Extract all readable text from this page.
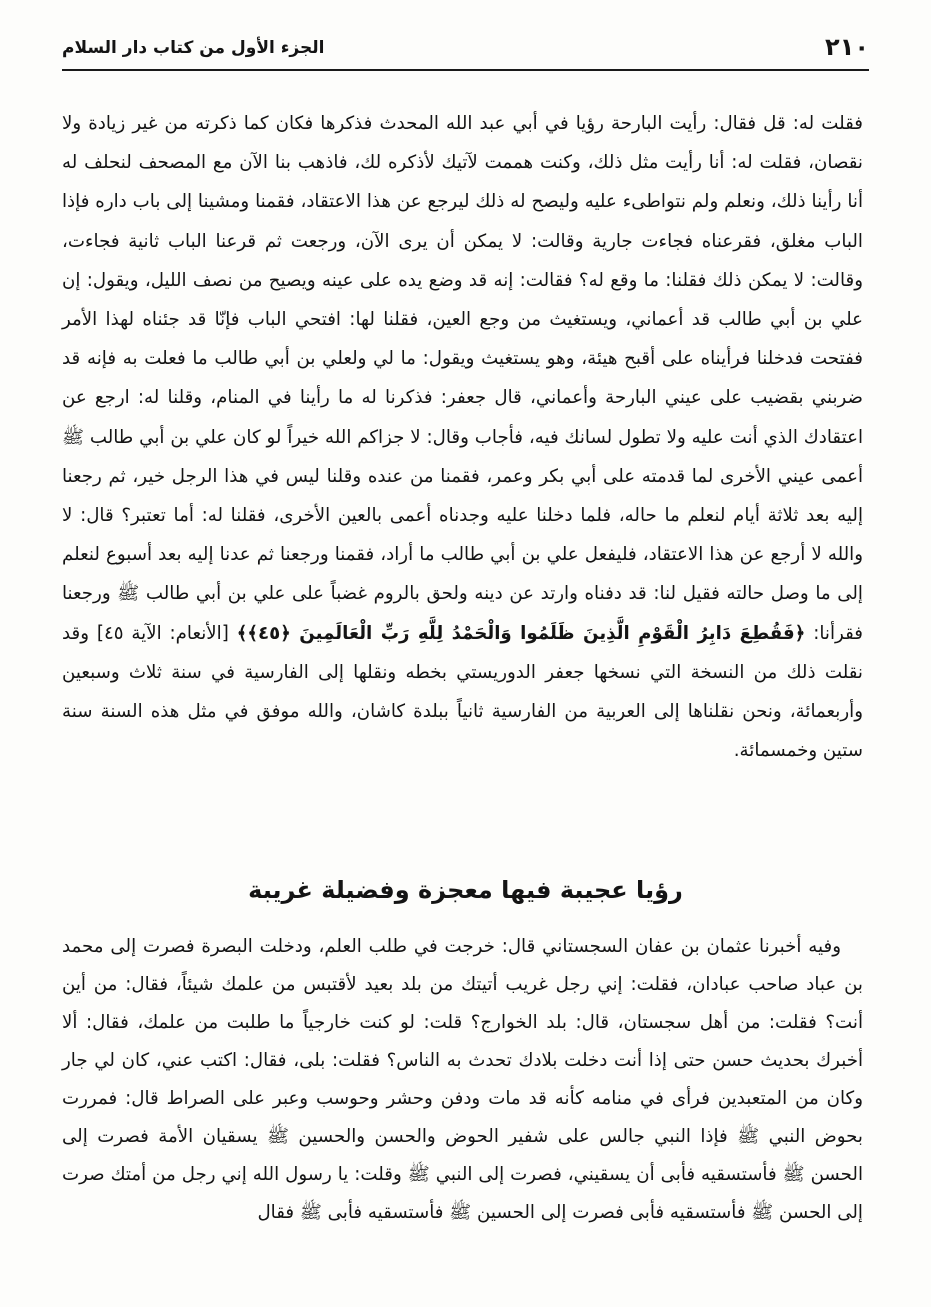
٢١٠
الجزء الأول من كتاب دار السلام
فقلت له: قل فقال: رأيت البارحة رؤيا في أبي عبد الله المحدث فذكرها فكان كما ذكرته من غير زيادة ولا نقصان، فقلت له: أنا رأيت مثل ذلك، وكنت هممت لآتيك لأذكره لك، فاذهب بنا الآن مع المصحف لنحلف له أنا رأينا ذلك، ونعلم ولم نتواطىء عليه وليصح له ذلك ليرجع عن هذا الاعتقاد، فقمنا ومشينا إلى باب داره فإذا الباب مغلق، فقرعناه فجاءت جارية وقالت: لا يمكن أن يرى الآن، ورجعت ثم قرعنا الباب ثانية فجاءت، وقالت: لا يمكن ذلك فقلنا: ما وقع له؟ فقالت: إنه قد وضع يده على عينه ويصيح من نصف الليل، ويقول: إن علي بن أبي طالب قد أعماني، ويستغيث من وجع العين، فقلنا لها: افتحي الباب فإنّا قد جئناه لهذا الأمر ففتحت فدخلنا فرأيناه على أقبح هيئة، وهو يستغيث ويقول: ما لي ولعلي بن أبي طالب ما فعلت به فإنه قد ضربني بقضيب على عيني البارحة وأعماني، قال جعفر: فذكرنا له ما رأينا في المنام، وقلنا له: ارجع عن اعتقادك الذي أنت عليه ولا تطول لسانك فيه، فأجاب وقال: لا جزاكم الله خيراً لو كان علي بن أبي طالب ﷺ أعمى عيني الأخرى لما قدمته على أبي بكر وعمر، فقمنا من عنده وقلنا ليس في هذا الرجل خير، ثم رجعنا إليه بعد ثلاثة أيام لنعلم ما حاله، فلما دخلنا عليه وجدناه أعمى بالعين الأخرى، فقلنا له: أما تعتبر؟ قال: لا والله لا أرجع عن هذا الاعتقاد، فليفعل علي بن أبي طالب ما أراد، فقمنا ورجعنا ثم عدنا إليه بعد أسبوع لنعلم إلى ما وصل حالته فقيل لنا: قد دفناه وارتد عن دينه ولحق بالروم غضباً على علي بن أبي طالب ﷺ ورجعنا فقرأنا: ﴿فَقُطِعَ دَابِرُ الْقَوْمِ الَّذِينَ ظَلَمُوا وَالْحَمْدُ لِلَّهِ رَبِّ الْعَالَمِينَ ﴿٤٥﴾﴾ [الأنعام: الآية ٤٥] وقد نقلت ذلك من النسخة التي نسخها جعفر الدوريستي بخطه ونقلها إلى الفارسية في سنة ثلاث وسبعين وأربعمائة، ونحن نقلناها إلى العربية من الفارسية ثانياً ببلدة كاشان، والله موفق في مثل هذه السنة سنة ستين وخمسمائة.
رؤيا عجيبة فيها معجزة وفضيلة غريبة
وفيه أخبرنا عثمان بن عفان السجستاني قال: خرجت في طلب العلم، ودخلت البصرة فصرت إلى محمد بن عباد صاحب عبادان، فقلت: إني رجل غريب أتيتك من بلد بعيد لأقتبس من علمك شيئاً، فقال: من أين أنت؟ فقلت: من أهل سجستان، قال: بلد الخوارج؟ قلت: لو كنت خارجياً ما طلبت من علمك، فقال: ألا أخبرك بحديث حسن حتى إذا أنت دخلت بلادك تحدث به الناس؟ فقلت: بلى، فقال: اكتب عني، كان لي جار وكان من المتعبدين فرأى في منامه كأنه قد مات ودفن وحشر وحوسب وعبر على الصراط قال: فمررت بحوض النبي ﷺ فإذا النبي جالس على شفير الحوض والحسن والحسين ﷺ يسقيان الأمة فصرت إلى الحسن ﷺ فأستسقيه فأبى أن يسقيني، فصرت إلى النبي ﷺ وقلت: يا رسول الله إني رجل من أمتك صرت إلى الحسن ﷺ فأستسقيه فأبى فصرت إلى الحسين ﷺ فأستسقيه فأبى ﷺ فقال
